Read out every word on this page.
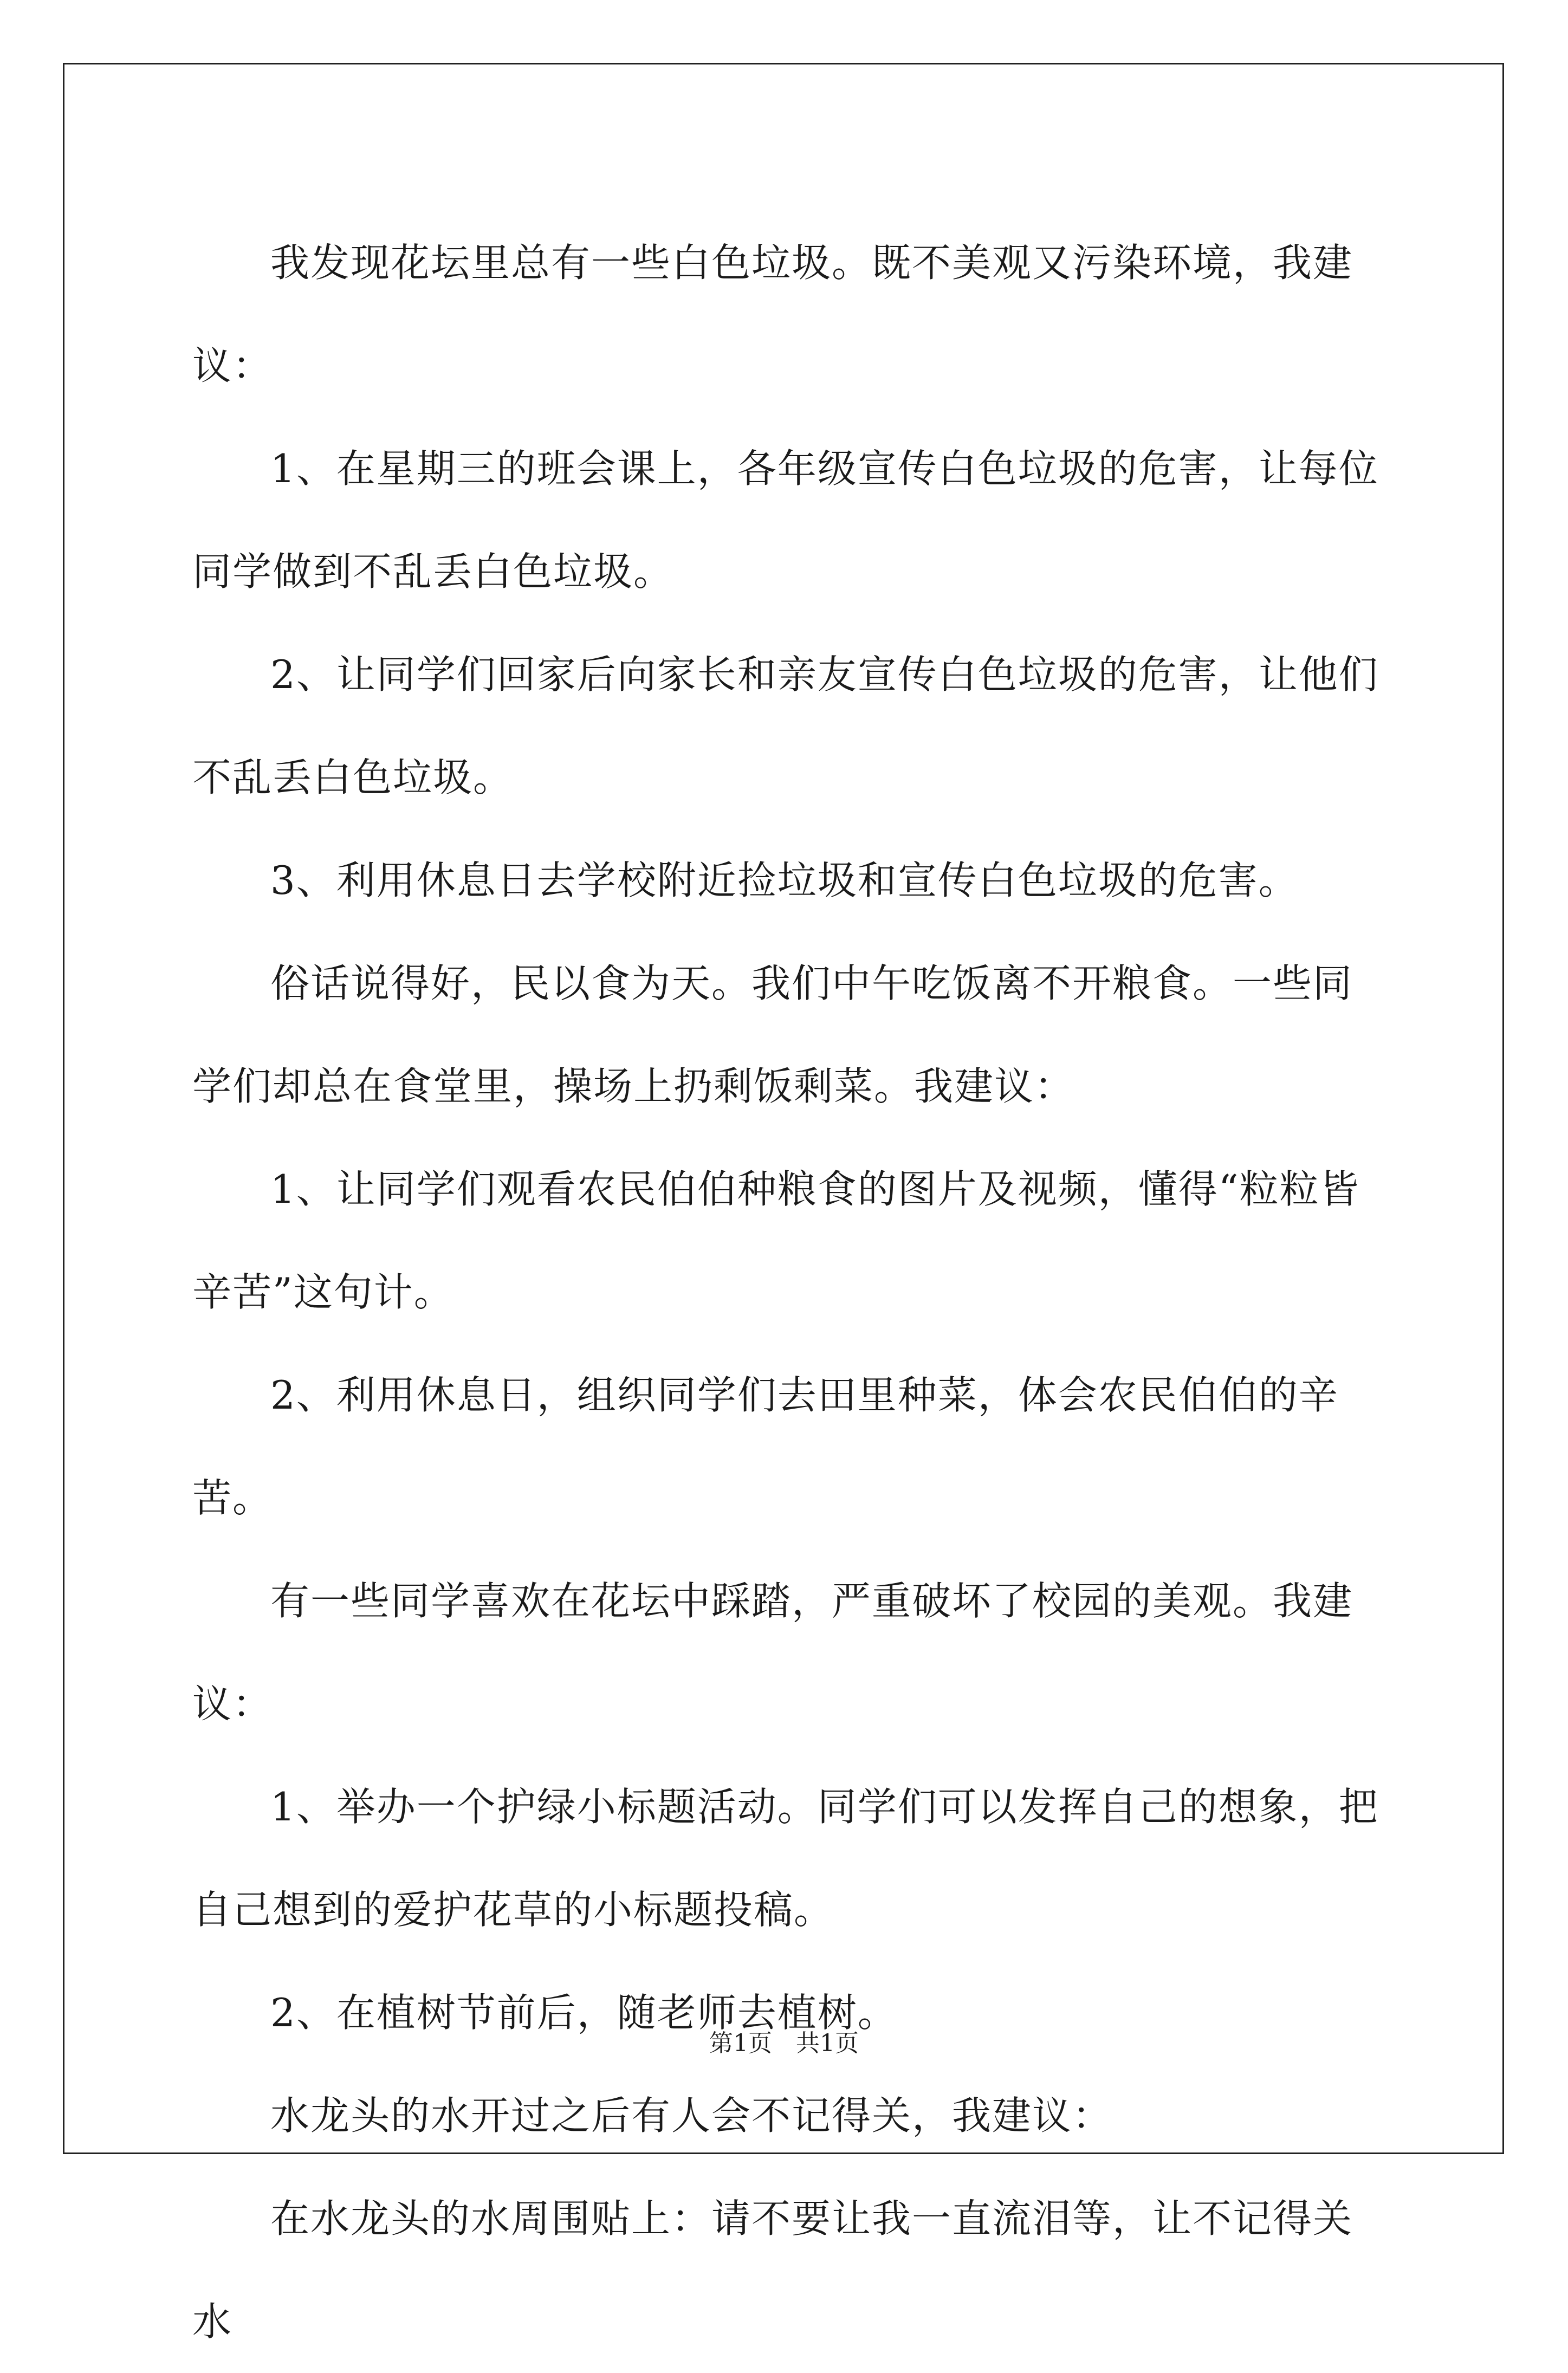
我发现花坛里总有一些白色垃圾。既不美观又污染环境，我建议：

1、在星期三的班会课上，各年级宣传白色垃圾的危害，让每位同学做到不乱丢白色垃圾。

2、让同学们回家后向家长和亲友宣传白色垃圾的危害，让他们不乱丢白色垃圾。

3、利用休息日去学校附近捡垃圾和宣传白色垃圾的危害。

俗话说得好，民以食为天。我们中午吃饭离不开粮食。一些同学们却总在食堂里，操场上扔剩饭剩菜。我建议：

1、让同学们观看农民伯伯种粮食的图片及视频，懂得“粒粒皆辛苦”这句计。

2、利用休息日，组织同学们去田里种菜，体会农民伯伯的辛苦。

有一些同学喜欢在花坛中踩踏，严重破坏了校园的美观。我建议：

1、举办一个护绿小标题活动。同学们可以发挥自己的想象，把自己想到的爱护花草的小标题投稿。

2、在植树节前后，随老师去植树。

水龙头的水开过之后有人会不记得关，我建议：

在水龙头的水周围贴上：请不要让我一直流泪等，让不记得关水

第1页　共1页
